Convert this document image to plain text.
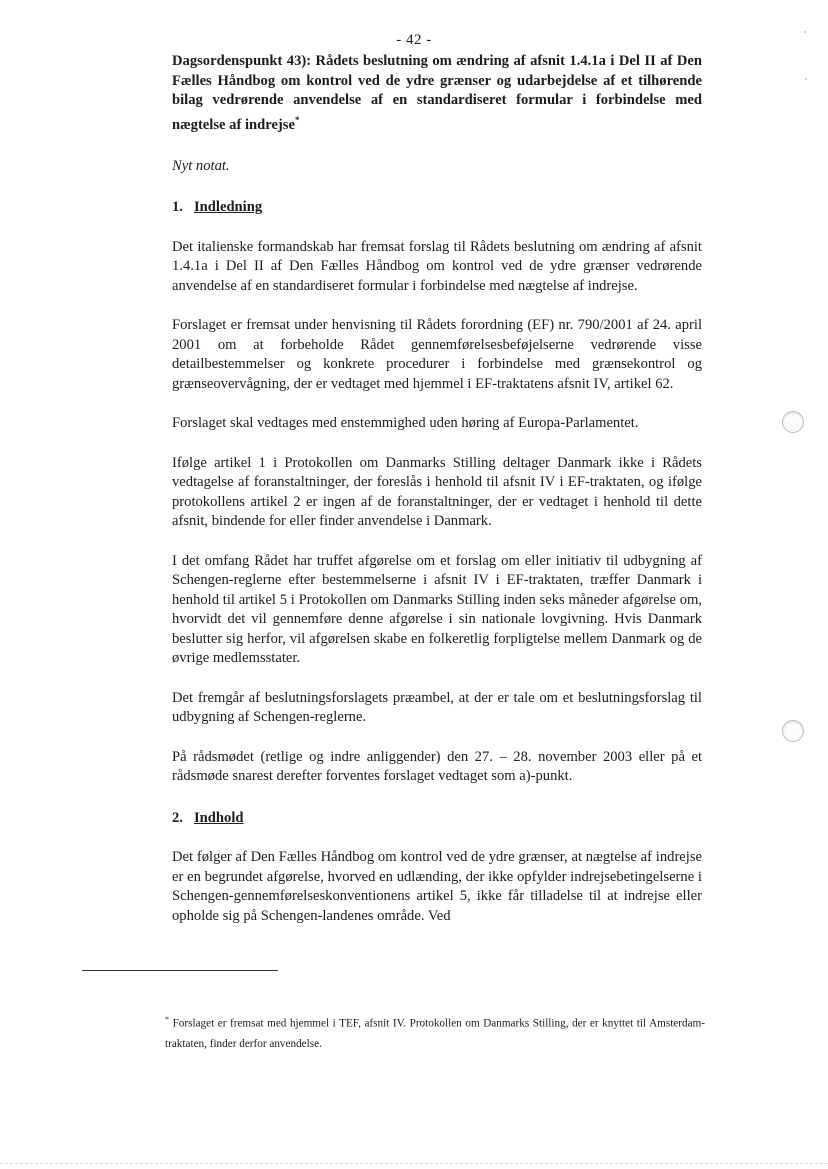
- 42 -

Dagsordenspunkt 43): Rådets beslutning om ændring af afsnit 1.4.1a i Del II af Den Fælles Håndbog om kontrol ved de ydre grænser og udarbejdelse af et tilhørende bilag vedrørende anvendelse af en standardiseret formular i forbindelse med nægtelse af indrejse*

Nyt notat.

1. Indledning

Det italienske formandskab har fremsat forslag til Rådets beslutning om ændring af afsnit 1.4.1a i Del II af Den Fælles Håndbog om kontrol ved de ydre grænser vedrørende anvendelse af en standardiseret formular i forbindelse med nægtelse af indrejse.

Forslaget er fremsat under henvisning til Rådets forordning (EF) nr. 790/2001 af 24. april 2001 om at forbeholde Rådet gennemførelsesbeføjelserne vedrørende visse detailbestemmelser og konkrete procedurer i forbindelse med grænsekontrol og grænseovervågning, der er vedtaget med hjemmel i EF-traktatens afsnit IV, artikel 62.

Forslaget skal vedtages med enstemmighed uden høring af Europa-Parlamentet.

Ifølge artikel 1 i Protokollen om Danmarks Stilling deltager Danmark ikke i Rådets vedtagelse af foranstaltninger, der foreslås i henhold til afsnit IV i EF-traktaten, og ifølge protokollens artikel 2 er ingen af de foranstaltninger, der er vedtaget i henhold til dette afsnit, bindende for eller finder anvendelse i Danmark.

I det omfang Rådet har truffet afgørelse om et forslag om eller initiativ til udbygning af Schengen-reglerne efter bestemmelserne i afsnit IV i EF-traktaten, træffer Danmark i henhold til artikel 5 i Protokollen om Danmarks Stilling inden seks måneder afgørelse om, hvorvidt det vil gennemføre denne afgørelse i sin nationale lovgivning. Hvis Danmark beslutter sig herfor, vil afgørelsen skabe en folkeretlig forpligtelse mellem Danmark og de øvrige medlemsstater.

Det fremgår af beslutningsforslagets præambel, at der er tale om et beslutningsforslag til udbygning af Schengen-reglerne.

På rådsmødet (retlige og indre anliggender) den 27. – 28. november 2003 eller på et rådsmøde snarest derefter forventes forslaget vedtaget som a)-punkt.

2. Indhold

Det følger af Den Fælles Håndbog om kontrol ved de ydre grænser, at nægtelse af indrejse er en begrundet afgørelse, hvorved en udlænding, der ikke opfylder indrejsebetingelserne i Schengen-gennemførelseskonventionens artikel 5, ikke får tilladelse til at indrejse eller opholde sig på Schengen-landenes område. Ved

* Forslaget er fremsat med hjemmel i TEF, afsnit IV. Protokollen om Danmarks Stilling, der er knyttet til Amsterdam-traktaten, finder derfor anvendelse.
